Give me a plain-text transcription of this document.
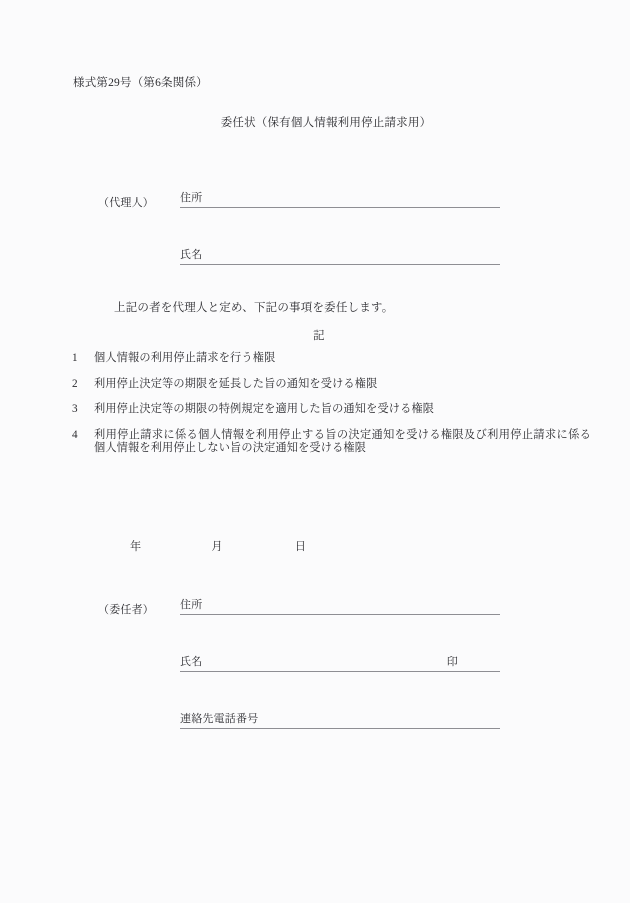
様式第29号（第6条関係）
委任状（保有個人情報利用停止請求用）
（代理人） 住所
氏名
上記の者を代理人と定め、下記の事項を委任します。
記
1 個人情報の利用停止請求を行う権限
2 利用停止決定等の期限を延長した旨の通知を受ける権限
3 利用停止決定等の期限の特例規定を適用した旨の通知を受ける権限
4 利用停止請求に係る個人情報を利用停止する旨の決定通知を受ける権限及び利用停止請求に係る個人情報を利用停止しない旨の決定通知を受ける権限
年	月	日
（委任者） 住所
氏名	印
連絡先電話番号
